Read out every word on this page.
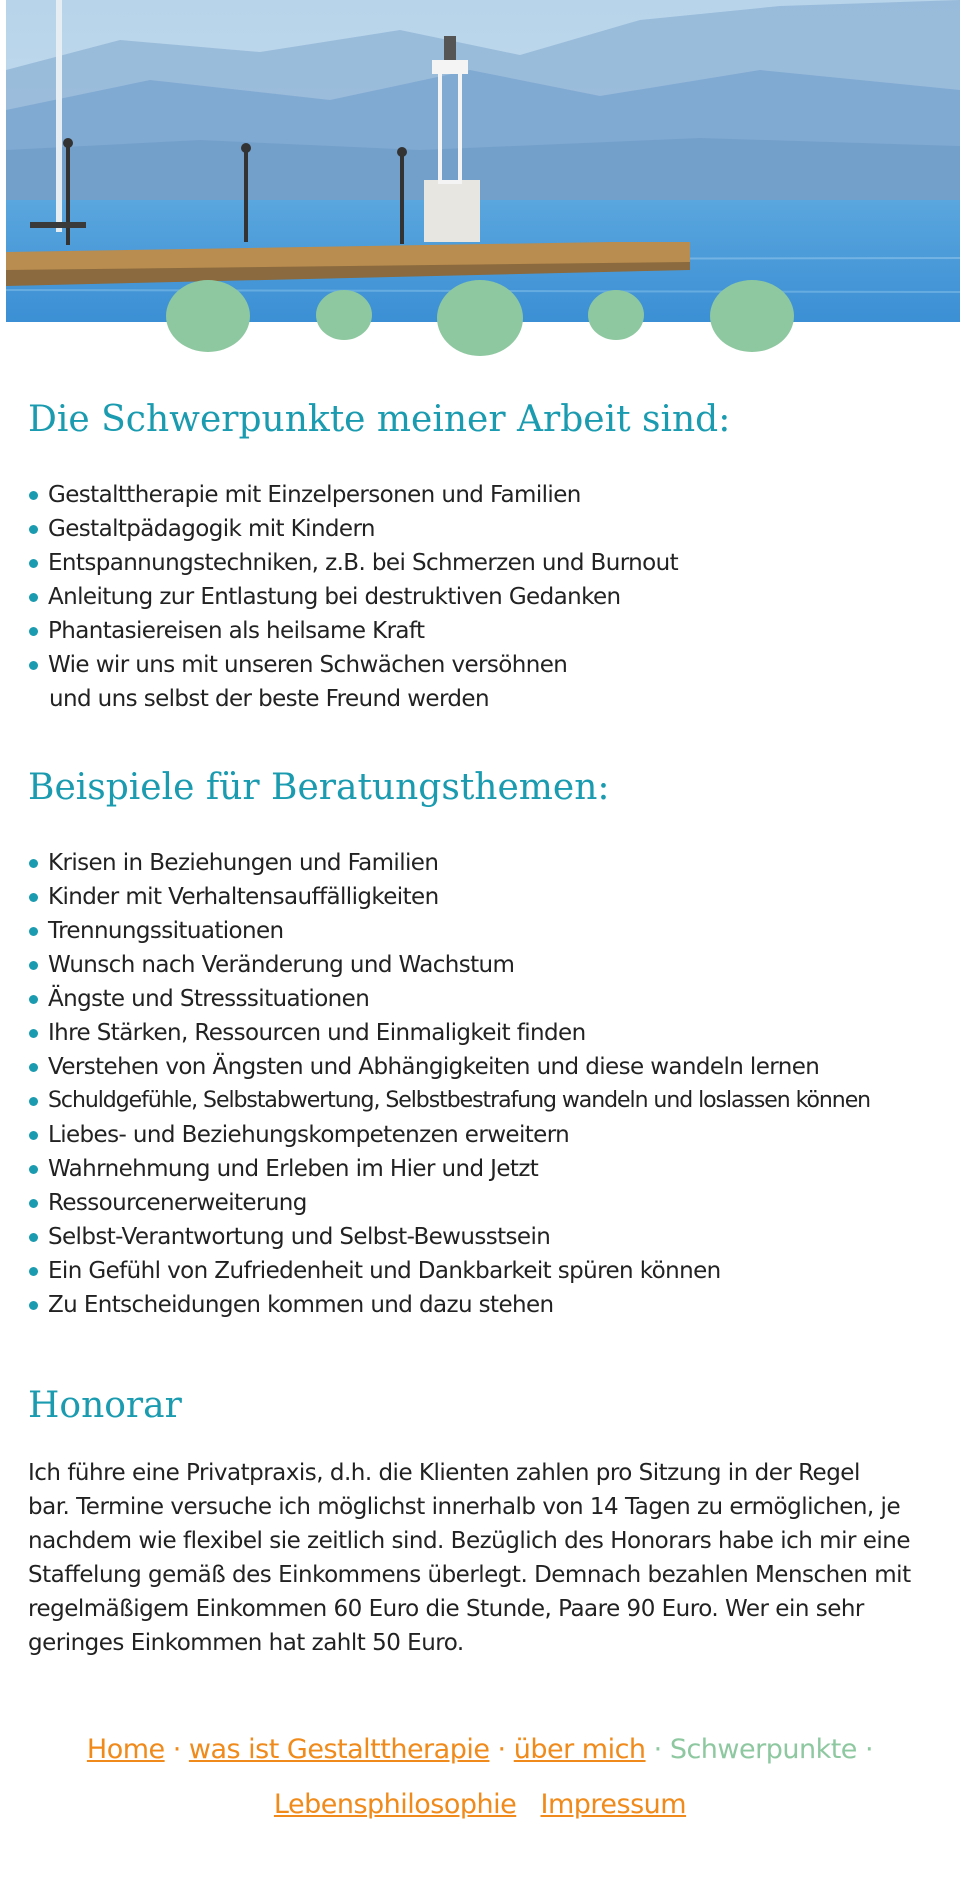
Die Schwerpunkte meiner Arbeit sind:
Gestalttherapie mit Einzelpersonen und Familien
Gestaltpädagogik mit Kindern
Entspannungstechniken, z.B. bei Schmerzen und Burnout
Anleitung zur Entlastung bei destruktiven Gedanken
Phantasiereisen als heilsame Kraft
Wie wir uns mit unseren Schwächen versöhnen
und uns selbst der beste Freund werden
Beispiele für Beratungsthemen:
Krisen in Beziehungen und Familien
Kinder mit Verhaltensauffälligkeiten
Trennungssituationen
Wunsch nach Veränderung und Wachstum
Ängste und Stresssituationen
Ihre Stärken, Ressourcen und Einmaligkeit finden
Verstehen von Ängsten und Abhängigkeiten und diese wandeln lernen
Schuldgefühle, Selbstabwertung, Selbstbestrafung wandeln und loslassen können
Liebes- und Beziehungskompetenzen erweitern
Wahrnehmung und Erleben im Hier und Jetzt
Ressourcenerweiterung
Selbst-Verantwortung und Selbst-Bewusstsein
Ein Gefühl von Zufriedenheit und Dankbarkeit spüren können
Zu Entscheidungen kommen und dazu stehen
Honorar

Ich führe eine Privatpraxis, d.h. die Klienten zahlen pro Sitzung in der Regel
bar. Termine versuche ich möglichst innerhalb von 14 Tagen zu ermöglichen, je
nachdem wie flexibel sie zeitlich sind. Bezüglich des Honorars habe ich mir eine
Staffelung gemäß des Einkommens überlegt. Demnach bezahlen Menschen mit
regelmäßigem Einkommen 60 Euro die Stunde, Paare 90 Euro. Wer ein sehr
geringes Einkommen hat zahlt 50 Euro.

Home · was ist Gestalttherapie · über mich · Schwerpunkte ·
Lebensphilosophie Impressum
